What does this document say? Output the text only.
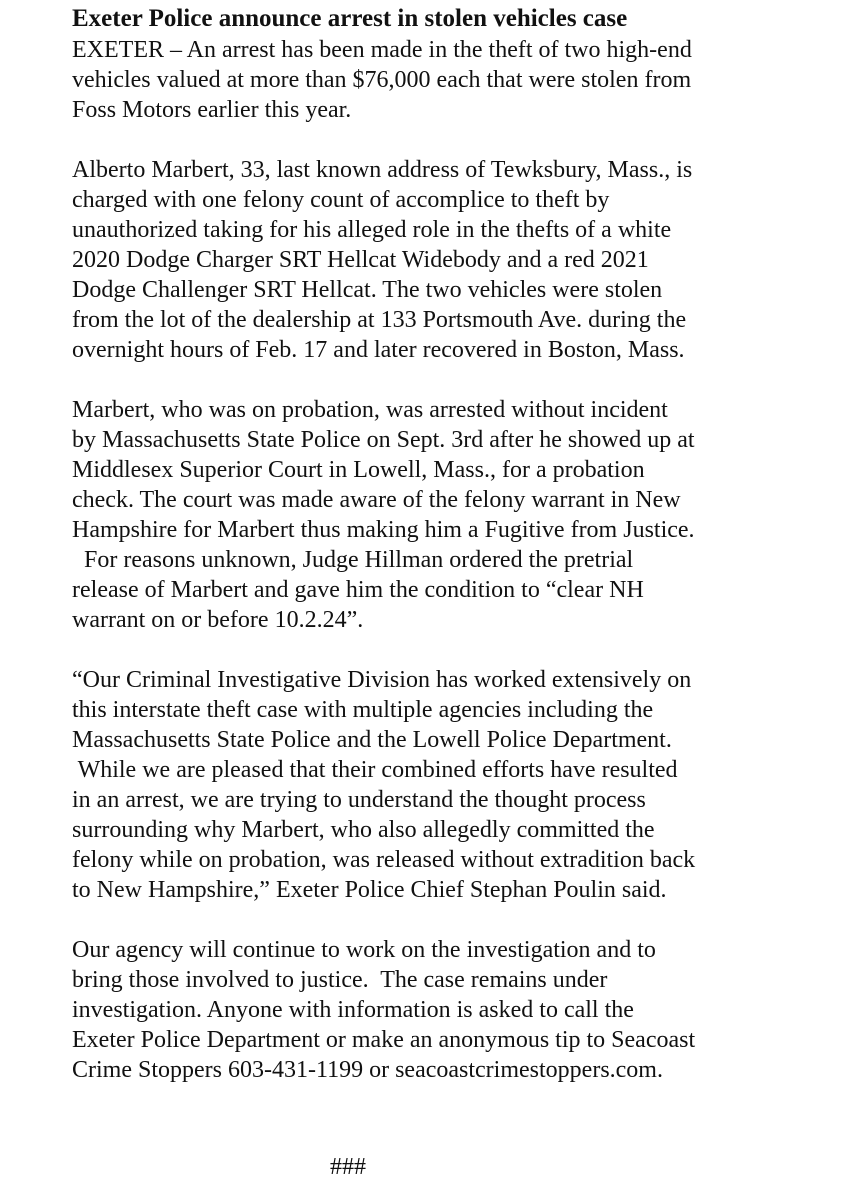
Exeter Police announce arrest in stolen vehicles case
EXETER – An arrest has been made in the theft of two high-end
vehicles valued at more than $76,000 each that were stolen from
Foss Motors earlier this year.
Alberto Marbert, 33, last known address of Tewksbury, Mass., is
charged with one felony count of accomplice to theft by
unauthorized taking for his alleged role in the thefts of a white
2020 Dodge Charger SRT Hellcat Widebody and a red 2021
Dodge Challenger SRT Hellcat. The two vehicles were stolen
from the lot of the dealership at 133 Portsmouth Ave. during the
overnight hours of Feb. 17 and later recovered in Boston, Mass.
Marbert, who was on probation, was arrested without incident
by Massachusetts State Police on Sept. 3rd after he showed up at
Middlesex Superior Court in Lowell, Mass., for a probation
check. The court was made aware of the felony warrant in New
Hampshire for Marbert thus making him a Fugitive from Justice.
For reasons unknown, Judge Hillman ordered the pretrial
release of Marbert and gave him the condition to “clear NH
warrant on or before 10.2.24”.
“Our Criminal Investigative Division has worked extensively on
this interstate theft case with multiple agencies including the
Massachusetts State Police and the Lowell Police Department.
While we are pleased that their combined efforts have resulted
in an arrest, we are trying to understand the thought process
surrounding why Marbert, who also allegedly committed the
felony while on probation, was released without extradition back
to New Hampshire,” Exeter Police Chief Stephan Poulin said.
Our agency will continue to work on the investigation and to
bring those involved to justice.  The case remains under
investigation. Anyone with information is asked to call the
Exeter Police Department or make an anonymous tip to Seacoast
Crime Stoppers 603-431-1199 or seacoastcrimestoppers.com.
###
